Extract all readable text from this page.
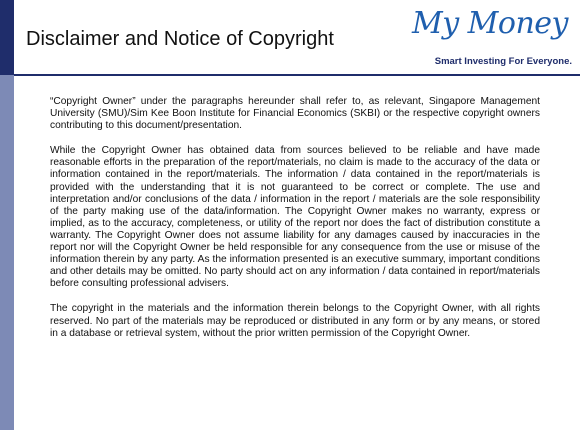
Disclaimer and Notice of Copyright	My Money
Smart Investing For Everyone.

“Copyright Owner” under the paragraphs hereunder shall refer to, as relevant, Singapore Management University (SMU)/Sim Kee Boon Institute for Financial Economics (SKBI) or the respective copyright owners contributing to this document/presentation.

While the Copyright Owner has obtained data from sources believed to be reliable and have made reasonable efforts in the preparation of the report/materials, no claim is made to the accuracy of the data or information contained in the report/materials. The information / data contained in the report/materials is provided with the understanding that it is not guaranteed to be correct or complete. The use and interpretation and/or conclusions of the data / information in the report / materials are the sole responsibility of the party making use of the data/information. The Copyright Owner makes no warranty, express or implied, as to the accuracy, completeness, or utility of the report nor does the fact of distribution constitute a warranty. The Copyright Owner does not assume liability for any damages caused by inaccuracies in the report nor will the Copyright Owner be held responsible for any consequence from the use or misuse of the information therein by any party. As the information presented is an executive summary, important conditions and other details may be omitted. No party should act on any information / data contained in report/materials before consulting professional advisers.

The copyright in the materials and the information therein belongs to the Copyright Owner, with all rights reserved. No part of the materials may be reproduced or distributed in any form or by any means, or stored in a database or retrieval system, without the prior written permission of the Copyright Owner.
